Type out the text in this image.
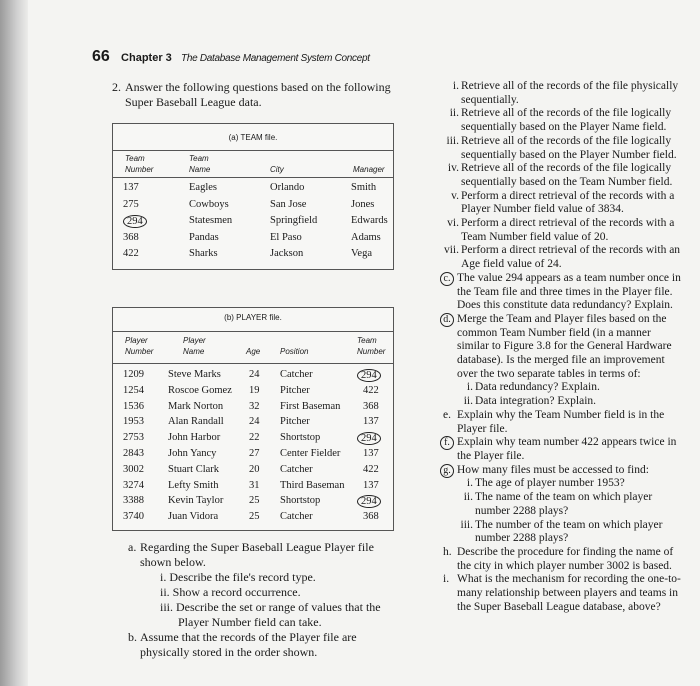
66 Chapter 3 The Database Management System Concept
2. Answer the following questions based on the following Super Baseball League data.
(a) TEAM file.
Team
Number
Team
Name	City	Manager
137	Eagles	Orlando	Smith
275	Cowboys	San Jose	Jones
294	Statesmen	Springfield	Edwards
368	Pandas	El Paso	Adams
422	Sharks	Jackson	Vega
(b) PLAYER file.
Player
Number
Player
Name	Age Position
Team
Number
1209 Steve Marks	24 Catcher	294
1254 Roscoe Gomez 19 Pitcher	422
1536 Mark Norton 32 First Baseman 368
1953 Alan Randall 24 Pitcher	137
2753 John Harbor	22 Shortstop	294
2843 John Yancy	27 Center Fielder 137
3002 Stuart Clark	20 Catcher	422
3274 Lefty Smith	31 Third Baseman 137
3388 Kevin Taylor 25 Shortstop	294
3740 Juan Vidora	25 Catcher	368
a. Regarding the Super Baseball League Player file shown below.
i. Describe the file's record type.
ii. Show a record occurrence.
iii. Describe the set or range of values that the Player Number field can take.
b. Assume that the records of the Player file are physically stored in the order shown.
i. Retrieve all of the records of the file physically sequentially.
ii. Retrieve all of the records of the file logically sequentially based on the Player Name field.
iii. Retrieve all of the records of the file logically sequentially based on the Player Number field.
iv. Retrieve all of the records of the file logically sequentially based on the Team Number field.
v. Perform a direct retrieval of the records with a Player Number field value of 3834.
vi. Perform a direct retrieval of the records with a Team Number field value of 20.
vii. Perform a direct retrieval of the records with an Age field value of 24.
c. The value 294 appears as a team number once in the Team file and three times in the Player file. Does this constitute data redundancy? Explain.
d. Merge the Team and Player files based on the common Team Number field (in a manner similar to Figure 3.8 for the General Hardware database). Is the merged file an improvement over the two separate tables in terms of:
i. Data redundancy? Explain.
ii. Data integration? Explain.
e. Explain why the Team Number field is in the Player file.
f. Explain why team number 422 appears twice in the Player file.
g. How many files must be accessed to find:
i. The age of player number 1953?
ii. The name of the team on which player number 2288 plays?
iii. The number of the team on which player number 2288 plays?
h. Describe the procedure for finding the name of the city in which player number 3002 is based.
i. What is the mechanism for recording the one-to-many relationship between players and teams in the Super Baseball League database, above?
